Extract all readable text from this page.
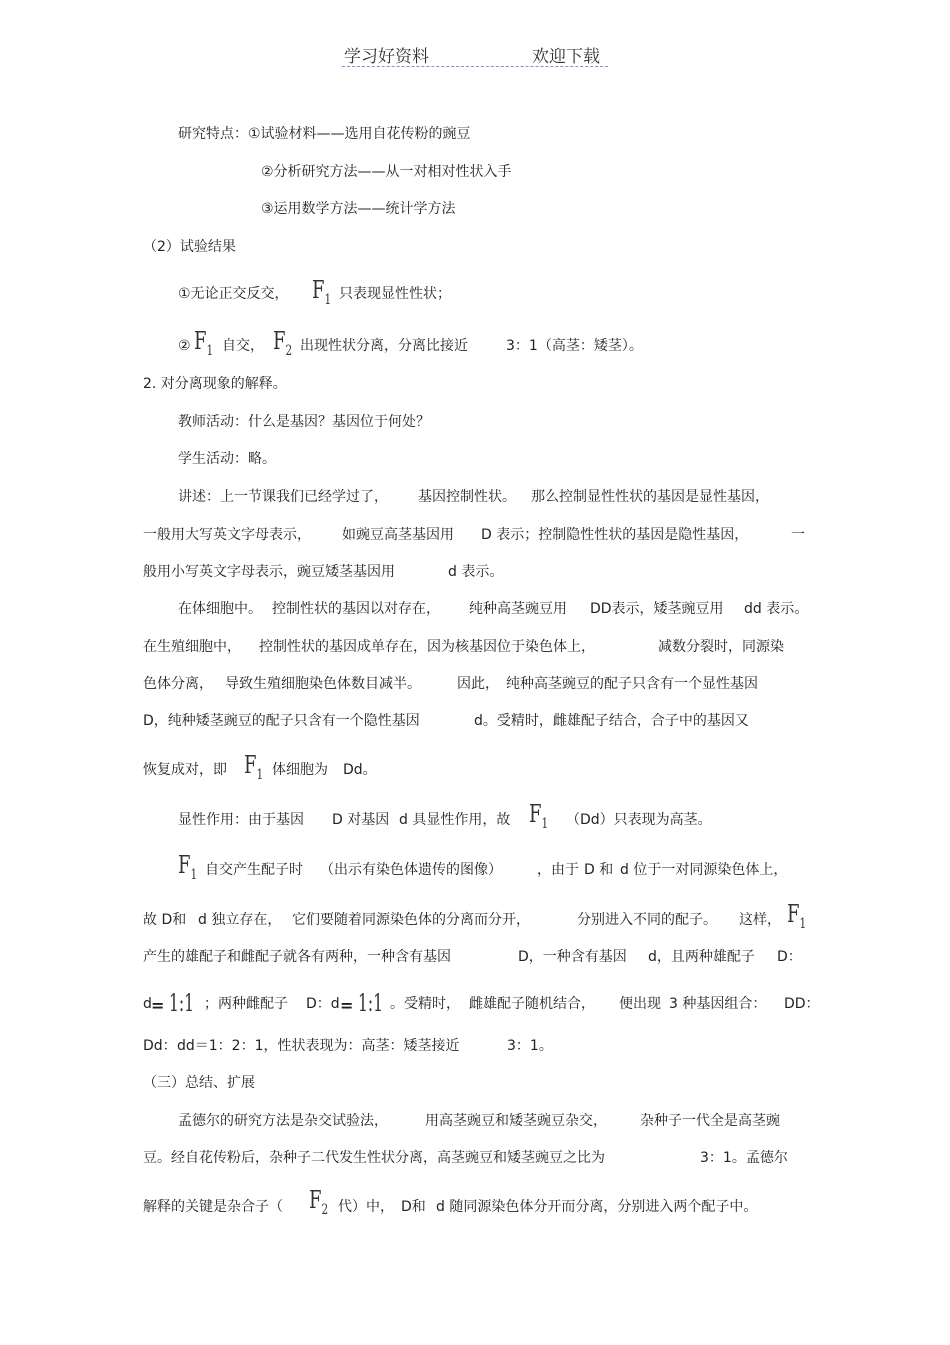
学习好资料	欢迎下载
研究特点：①试验材料——选用自花传粉的豌豆
②分析研究方法——从一对相对性状入手
③运用数学方法——统计学方法
（2）试验结果
①无论正交反交， $F_1$ 只表现显性性状；
② $F_1$ 自交， $F_2$ 出现性状分离，分离比接近	3：1（高茎：矮茎）。
2. 对分离现象的解释。
教师活动：什么是基因？基因位于何处？
学生活动：略。
讲述：上一节课我们已经学过了， 基因控制性状。 那么控制显性性状的基因是显性基因，
一般用大写英文字母表示， 如豌豆高茎基因用 D 表示；控制隐性性状的基因是隐性基因，	一
般用小写英文字母表示，豌豆矮茎基因用	d 表示。
在体细胞中。 控制性状的基因以对存在， 纯种高茎豌豆用 DD表示，矮茎豌豆用 dd 表示。
在生殖细胞中， 控制性状的基因成单存在，因为核基因位于染色体上，	减数分裂时，同源染
色体分离， 导致生殖细胞染色体数目减半。	因此， 纯种高茎豌豆的配子只含有一个显性基因
D，纯种矮茎豌豆的配子只含有一个隐性基因	d。受精时，雌雄配子结合，合子中的基因又
恢复成对，即 $F_1$ 体细胞为 Dd。
显性作用：由于基因 D 对基因 d 具显性作用，故 $F_1$	（Dd）只表现为高茎。
$F_1$ 自交产生配子时 （出示有染色体遗传的图像）	，由于 D 和 d 位于一对同源染色体上，
故 D和 d 独立存在， 它们要随着同源染色体的分离而分开，	分别进入不同的配子。 这样， $F_1$
产生的雄配子和雌配子就各有两种，一种含有基因	D，一种含有基因 d，且两种雄配子 D：
d = 1:1 ；两种雌配子 D：d = 1:1 。受精时， 雌雄配子随机结合， 便出现 3 种基因组合： DD：
Dd： dd＝1：2：1，性状表现为：高茎：矮茎接近	3：1。
（三）总结、扩展
孟德尔的研究方法是杂交试验法，	用高茎豌豆和矮茎豌豆杂交， 杂种子一代全是高茎豌
豆。经自花传粉后，杂种子二代发生性状分离，高茎豌豆和矮茎豌豆之比为	3：1。孟德尔
解释的关键是杂合子（ $F_2$ 代）中， D和 d 随同源染色体分开而分离，分别进入两个配子中。
